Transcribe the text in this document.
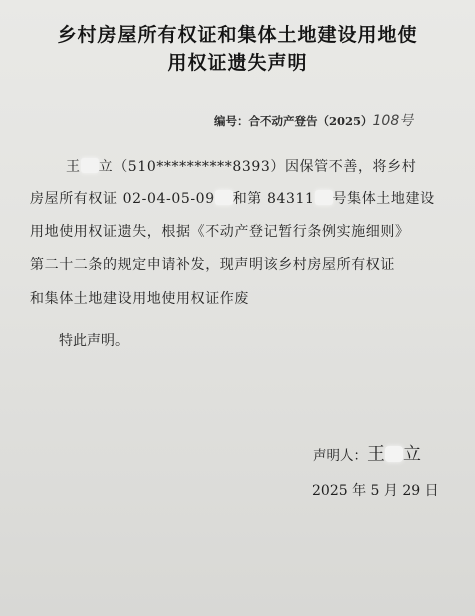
乡村房屋所有权证和集体土地建设用地使
用权证遗失声明
编号：合不动产登告（2025）108号
王 立（510**********8393）因保管不善，将乡村
房屋所有权证 02-04-05-09 和第 84311 号集体土地建设
用地使用权证遗失，根据《不动产登记暂行条例实施细则》
第二十二条的规定申请补发，现声明该乡村房屋所有权证
和集体土地建设用地使用权证作废
特此声明。
声明人：王 立
2025 年 5 月 29 日
